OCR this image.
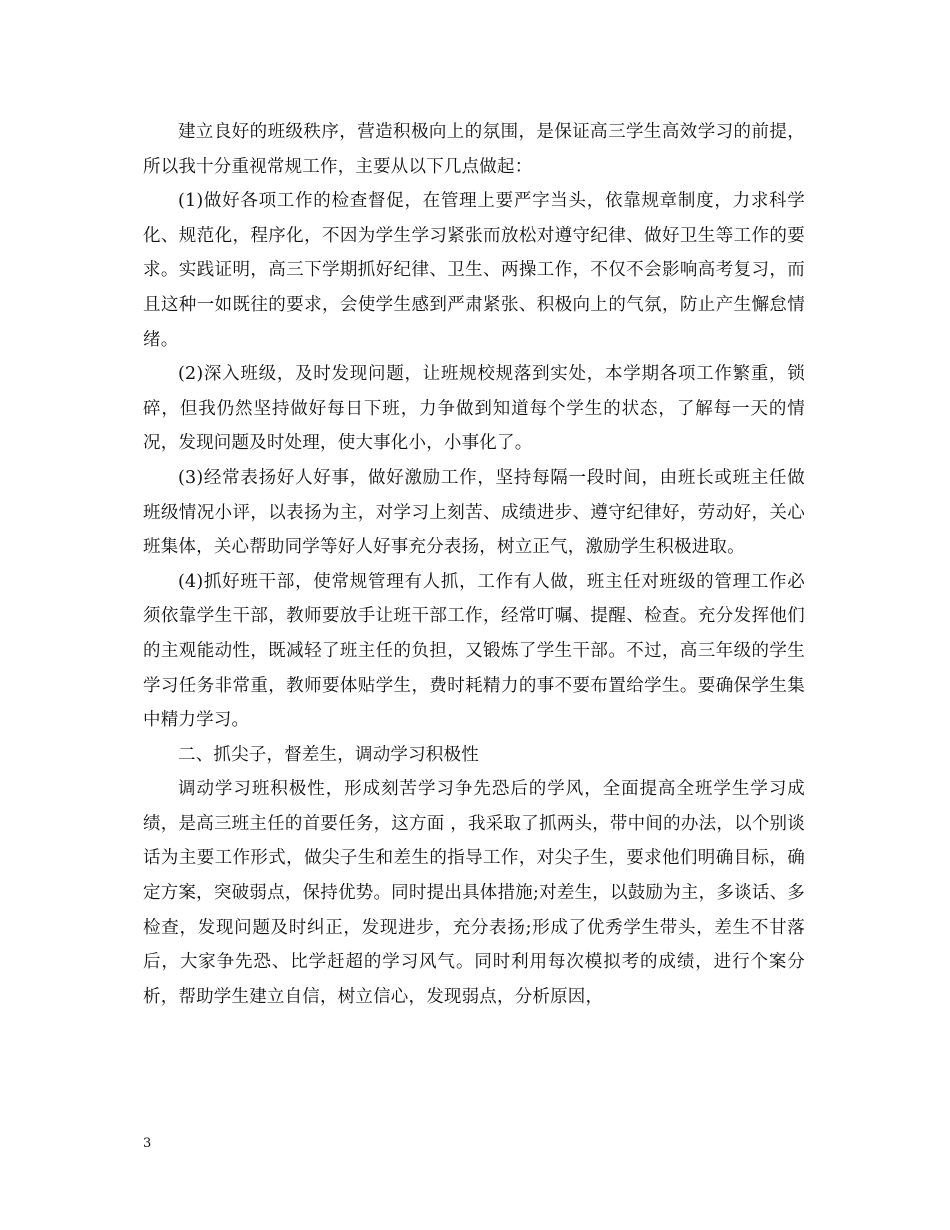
建立良好的班级秩序，营造积极向上的氛围，是保证高三学生高效学习的前提，所以我十分重视常规工作，主要从以下几点做起：

(1)做好各项工作的检查督促，在管理上要严字当头，依靠规章制度，力求科学化、规范化，程序化，不因为学生学习紧张而放松对遵守纪律、做好卫生等工作的要求。实践证明，高三下学期抓好纪律、卫生、两操工作，不仅不会影响高考复习，而且这种一如既往的要求，会使学生感到严肃紧张、积极向上的气氛，防止产生懈怠情绪。

(2)深入班级，及时发现问题，让班规校规落到实处，本学期各项工作繁重，锁碎，但我仍然坚持做好每日下班，力争做到知道每个学生的状态，了解每一天的情况，发现问题及时处理，使大事化小，小事化了。

(3)经常表扬好人好事，做好激励工作，坚持每隔一段时间，由班长或班主任做班级情况小评，以表扬为主，对学习上刻苦、成绩进步、遵守纪律好，劳动好，关心班集体，关心帮助同学等好人好事充分表扬，树立正气，激励学生积极进取。

(4)抓好班干部，使常规管理有人抓，工作有人做，班主任对班级的管理工作必须依靠学生干部，教师要放手让班干部工作，经常叮嘱、提醒、检查。充分发挥他们的主观能动性，既减轻了班主任的负担，又锻炼了学生干部。不过，高三年级的学生学习任务非常重，教师要体贴学生，费时耗精力的事不要布置给学生。要确保学生集中精力学习。

二、抓尖子，督差生，调动学习积极性

调动学习班积极性，形成刻苦学习争先恐后的学风，全面提高全班学生学习成绩，是高三班主任的首要任务，这方面 ，我采取了抓两头，带中间的办法，以个别谈话为主要工作形式，做尖子生和差生的指导工作，对尖子生，要求他们明确目标，确定方案，突破弱点，保持优势。同时提出具体措施;对差生，以鼓励为主，多谈话、多检查，发现问题及时纠正，发现进步，充分表扬;形成了优秀学生带头，差生不甘落后，大家争先恐、比学赶超的学习风气。同时利用每次模拟考的成绩，进行个案分析，帮助学生建立自信，树立信心，发现弱点，分析原因，

3
